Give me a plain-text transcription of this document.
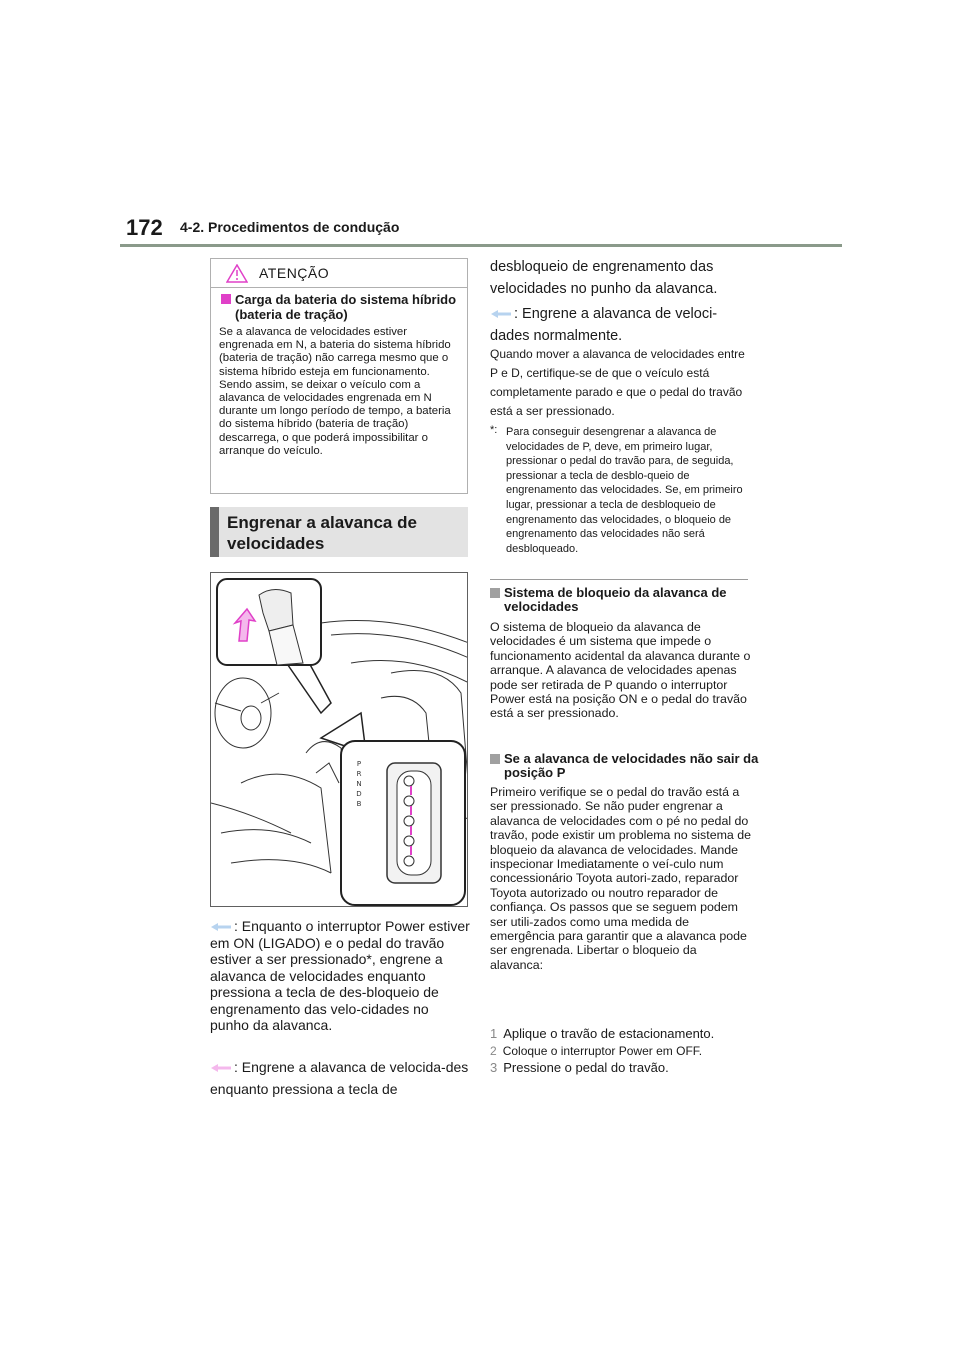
172 4-2. Procedimentos de condução
ATENÇÃO
Carga da bateria do sistema híbrido (bateria de tração)
Se a alavanca de velocidades estiver engrenada em N, a bateria do sistema híbrido (bateria de tração) não carrega mesmo que o sistema híbrido esteja em funcionamento. Sendo assim, se deixar o veículo com a alavanca de velocidades engrenada em N durante um longo período de tempo, a bateria do sistema híbrido (bateria de tração) descarrega, o que poderá impossibilitar o arranque do veículo.
Engrenar a alavanca de velocidades
P
R
N
D
B
: Enquanto o interruptor Power estiver em ON (LIGADO) e o pedal do travão estiver a ser pressionado*, engrene a alavanca de velocidades enquanto pressiona a tecla de des-bloqueio de engrenamento das velo-cidades no punho da alavanca.
: Engrene a alavanca de velocida-des enquanto pressiona a tecla de
desbloqueio de engrenamento das velocidades no punho da alavanca.
: Engrene a alavanca de veloci-dades normalmente.
Quando mover a alavanca de velocidades entre P e D, certifique-se de que o veículo está completamente parado e que o pedal do travão está a ser pressionado.
*: Para conseguir desengrenar a alavanca de velocidades de P, deve, em primeiro lugar, pressionar o pedal do travão para, de seguida, pressionar a tecla de desblo-queio de engrenamento das velocidades. Se, em primeiro lugar, pressionar a tecla de desbloqueio de engrenamento das velocidades, o bloqueio de engrenamento das velocidades não será desbloqueado.
Sistema de bloqueio da alavanca de velocidades
O sistema de bloqueio da alavanca de velocidades é um sistema que impede o funcionamento acidental da alavanca durante o arranque. A alavanca de velocidades apenas pode ser retirada de P quando o interruptor Power está na posição ON e o pedal do travão está a ser pressionado.
Se a alavanca de velocidades não sair da posição P
Primeiro verifique se o pedal do travão está a ser pressionado. Se não puder engrenar a alavanca de velocidades com o pé no pedal do travão, pode existir um problema no sistema de bloqueio da alavanca de velocidades. Mande inspecionar Imediatamente o veí-culo num concessionário Toyota autori-zado, reparador Toyota autorizado ou noutro reparador de confiança. Os passos que se seguem podem ser utili-zados como uma medida de emergência para garantir que a alavanca pode ser engrenada. Libertar o bloqueio da alavanca:
1 Aplique o travão de estacionamento.
2 Coloque o interruptor Power em OFF.
3 Pressione o pedal do travão.
